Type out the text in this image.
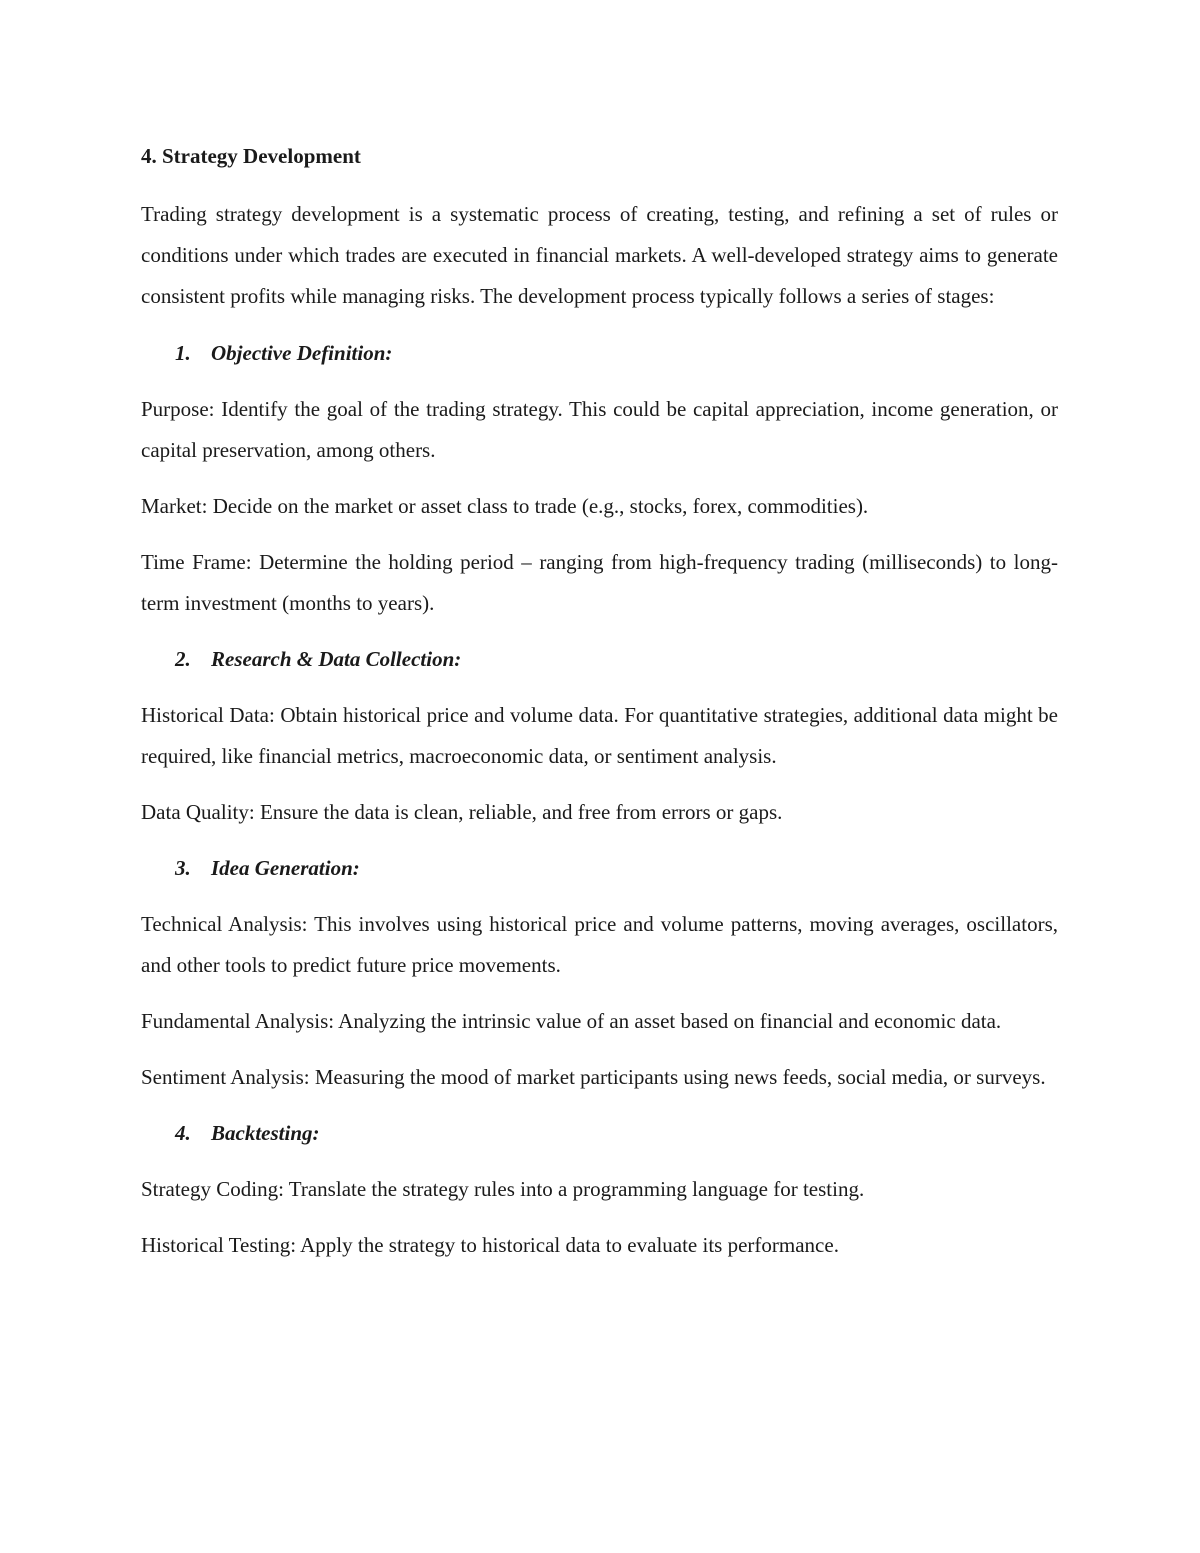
4. Strategy Development

Trading strategy development is a systematic process of creating, testing, and refining a set of rules or conditions under which trades are executed in financial markets. A well-developed strategy aims to generate consistent profits while managing risks. The development process typically follows a series of stages:

1. Objective Definition:

Purpose: Identify the goal of the trading strategy. This could be capital appreciation, income generation, or capital preservation, among others.

Market: Decide on the market or asset class to trade (e.g., stocks, forex, commodities).

Time Frame: Determine the holding period – ranging from high-frequency trading (milliseconds) to long-term investment (months to years).

2. Research & Data Collection:

Historical Data: Obtain historical price and volume data. For quantitative strategies, additional data might be required, like financial metrics, macroeconomic data, or sentiment analysis.

Data Quality: Ensure the data is clean, reliable, and free from errors or gaps.

3. Idea Generation:

Technical Analysis: This involves using historical price and volume patterns, moving averages, oscillators, and other tools to predict future price movements.

Fundamental Analysis: Analyzing the intrinsic value of an asset based on financial and economic data.

Sentiment Analysis: Measuring the mood of market participants using news feeds, social media, or surveys.

4. Backtesting:

Strategy Coding: Translate the strategy rules into a programming language for testing.

Historical Testing: Apply the strategy to historical data to evaluate its performance.
